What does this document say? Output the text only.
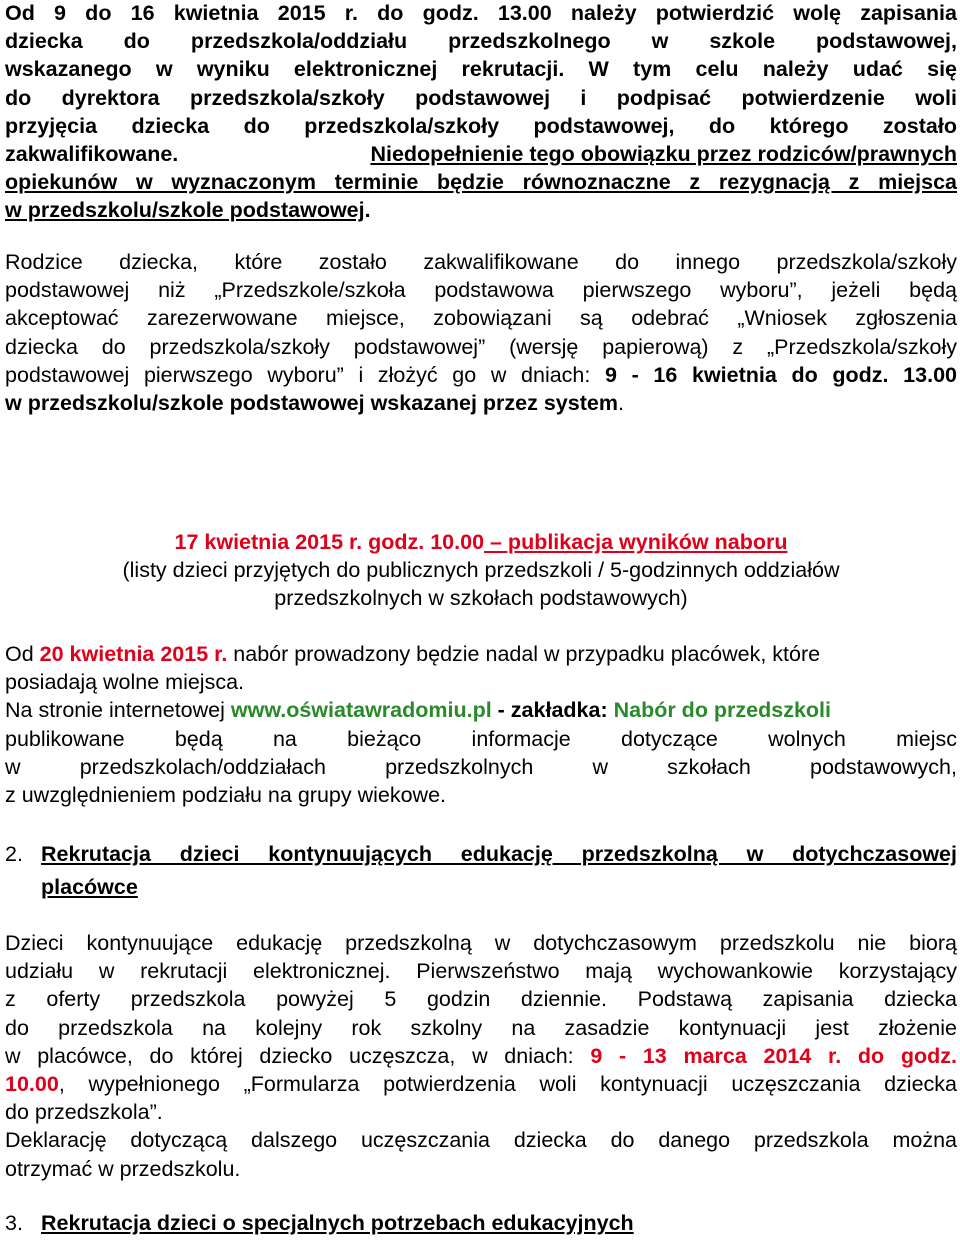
Od 9 do 16 kwietnia 2015 r. do godz. 13.00 należy potwierdzić wolę zapisania
dziecka do przedszkola/oddziału przedszkolnego w szkole podstawowej,
wskazanego w wyniku elektronicznej rekrutacji. W tym celu należy udać się
do dyrektora przedszkola/szkoły podstawowej i podpisać potwierdzenie woli
przyjęcia dziecka do przedszkola/szkoły podstawowej, do którego zostało
zakwalifikowane.	Niedopełnienie tego obowiązku przez rodziców/prawnych
opiekunów w wyznaczonym terminie będzie równoznaczne z rezygnacją z miejsca
w przedszkolu/szkole podstawowej.
Rodzice dziecka, które zostało zakwalifikowane do innego przedszkola/szkoły
podstawowej niż „Przedszkole/szkoła podstawowa pierwszego wyboru”, jeżeli będą
akceptować zarezerwowane miejsce, zobowiązani są odebrać „Wniosek zgłoszenia
dziecka do przedszkola/szkoły podstawowej” (wersję papierową) z „Przedszkola/szkoły
podstawowej pierwszego wyboru” i złożyć go w dniach: 9 - 16 kwietnia do godz. 13.00
w przedszkolu/szkole podstawowej wskazanej przez system.
17 kwietnia 2015 r. godz. 10.00 – publikacja wyników naboru
(listy dzieci przyjętych do publicznych przedszkoli / 5-godzinnych oddziałów
przedszkolnych w szkołach podstawowych)
Od 20 kwietnia 2015 r. nabór prowadzony będzie nadal w przypadku placówek, które
posiadają wolne miejsca.
Na stronie internetowej www.oświatawradomiu.pl - zakładka: Nabór do przedszkoli
publikowane będą na bieżąco informacje dotyczące wolnych miejsc
w przedszkolach/oddziałach przedszkolnych w szkołach podstawowych,
z uwzględnieniem podziału na grupy wiekowe.
2. Rekrutacja dzieci kontynuujących edukację przedszkolną w dotychczasowej
placówce
Dzieci kontynuujące edukację przedszkolną w dotychczasowym przedszkolu nie biorą
udziału w rekrutacji elektronicznej. Pierwszeństwo mają wychowankowie korzystający
z oferty przedszkola powyżej 5 godzin dziennie. Podstawą zapisania dziecka
do przedszkola na kolejny rok szkolny na zasadzie kontynuacji jest złożenie
w placówce, do której dziecko uczęszcza, w dniach: 9 - 13 marca 2014 r. do godz.
10.00, wypełnionego „Formularza potwierdzenia woli kontynuacji uczęszczania dziecka
do przedszkola”.
Deklarację dotyczącą dalszego uczęszczania dziecka do danego przedszkola można
otrzymać w przedszkolu.
3. Rekrutacja dzieci o specjalnych potrzebach edukacyjnych
